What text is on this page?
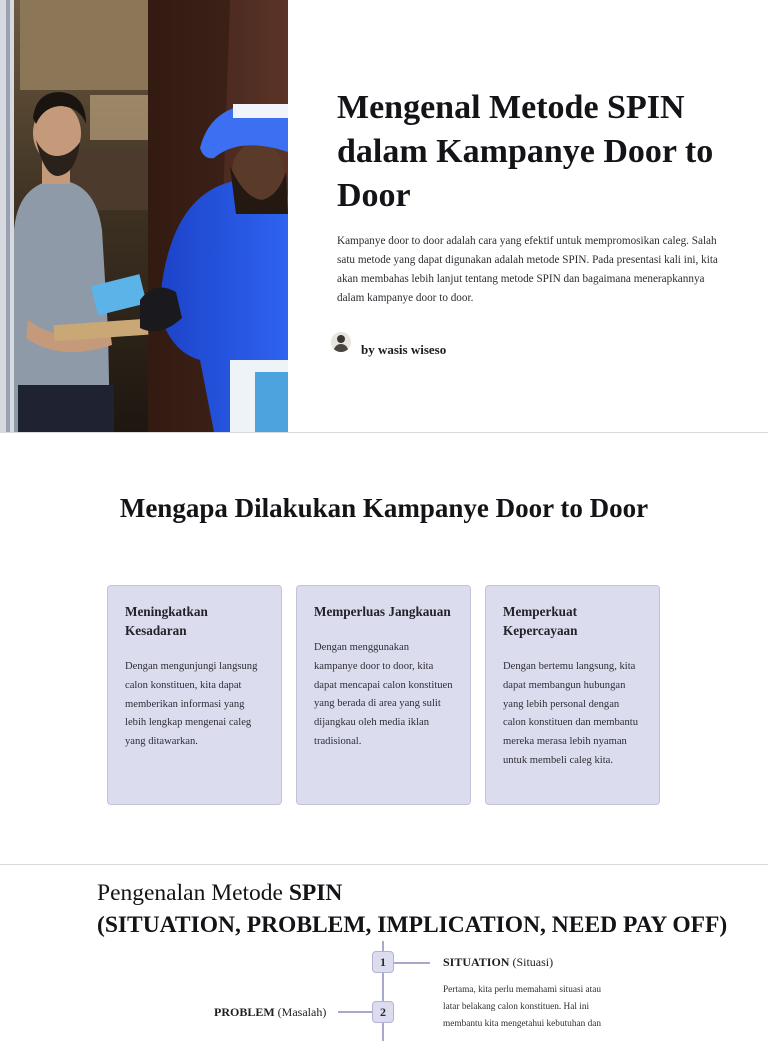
Mengenal Metode SPIN dalam Kampanye Door to Door

Kampanye door to door adalah cara yang efektif untuk mempromosikan caleg. Salah satu metode yang dapat digunakan adalah metode SPIN. Pada presentasi kali ini, kita akan membahas lebih lanjut tentang metode SPIN dan bagaimana menerapkannya dalam kampanye door to door.

by wasis wiseso
Mengapa Dilakukan Kampanye Door to Door
Meningkatkan Kesadaran

Dengan mengunjungi langsung calon konstituen, kita dapat memberikan informasi yang lebih lengkap mengenai caleg yang ditawarkan.

Memperluas Jangkauan

Dengan menggunakan kampanye door to door, kita dapat mencapai calon konstituen yang berada di area yang sulit dijangkau oleh media iklan tradisional.

Memperkuat Kepercayaan

Dengan bertemu langsung, kita dapat membangun hubungan yang lebih personal dengan calon konstituen dan membantu mereka merasa lebih nyaman untuk membeli caleg kita.

Pengenalan Metode SPIN
(SITUATION, PROBLEM, IMPLICATION, NEED PAY OFF)
1	SITUATION (Situasi)

Pertama, kita perlu memahami situasi atau latar belakang calon konstituen. Hal ini membantu kita mengetahui kebutuhan dan

2
PROBLEM (Masalah)
